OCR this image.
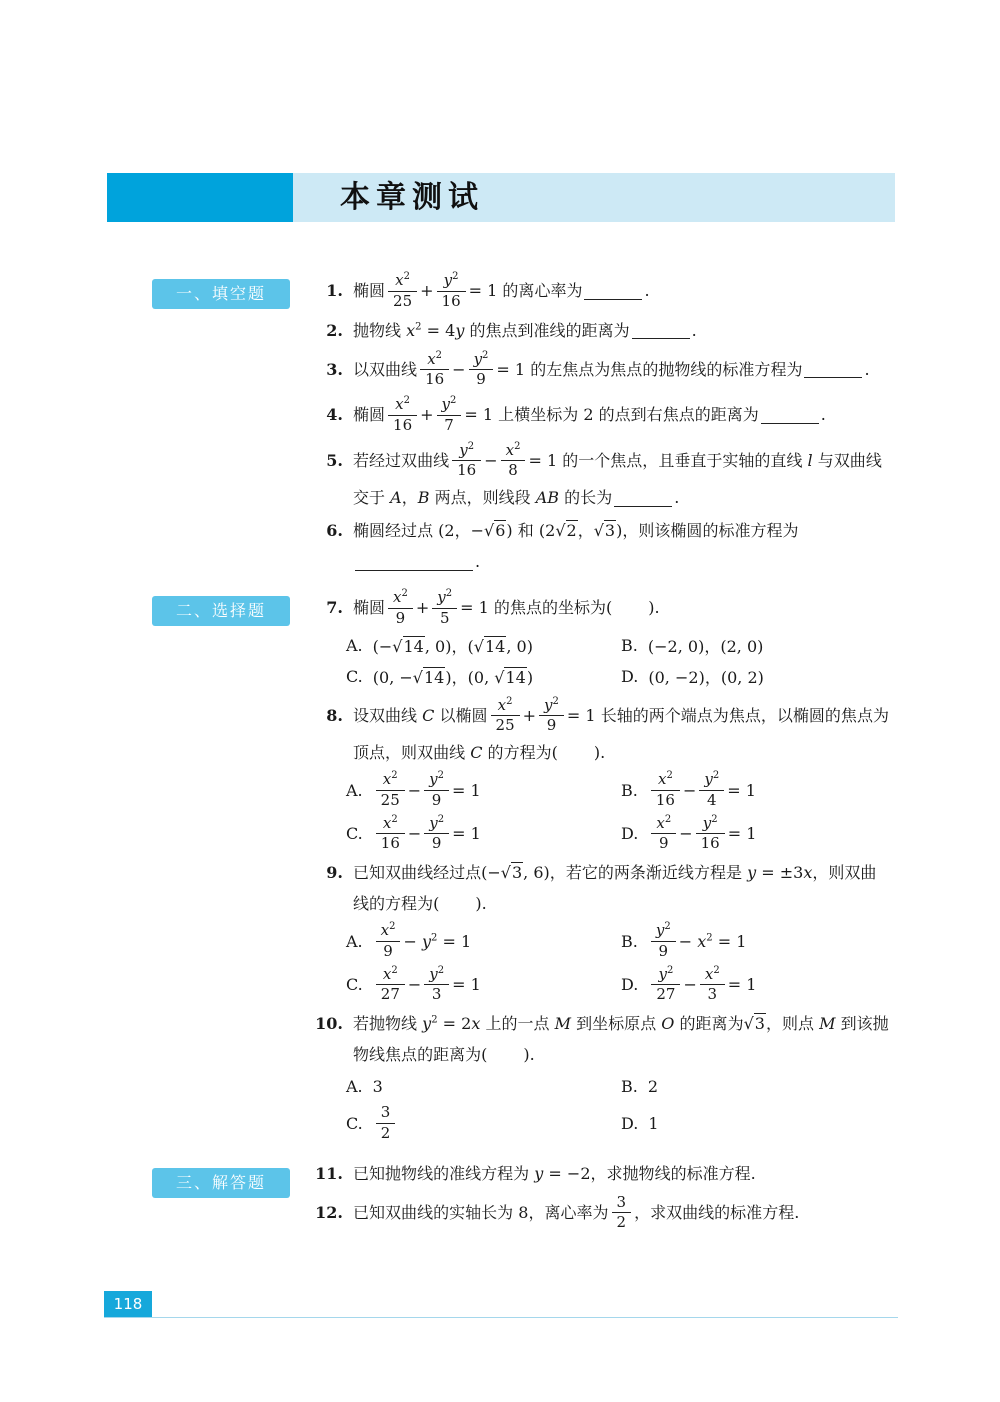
本章测试
一、填空题	1. 椭圆 $\frac{x^2}{25} + \frac{y^2}{16} = 1$ 的离心率为	.
2. 抛物线 $x^2 = 4y$ 的焦点到准线的距离为	.
3. 以双曲线 $\frac{x^2}{16} - \frac{y^2}{9} = 1$ 的左焦点为焦点的抛物线的标准方程为	.
4. 椭圆 $\frac{x^2}{16} + \frac{y^2}{7} = 1$ 上横坐标为 2 的点到右焦点的距离为	.
5. 若经过双曲线 $\frac{y^2}{16} - \frac{x^2}{8} = 1$ 的一个焦点，且垂直于实轴的直线 l 与双曲线
交于 A，B 两点，则线段 AB 的长为	.
6. 椭圆经过点 (2，−√6) 和 (2√2，√3)，则该椭圆的标准方程为
.
二、选择题	7. 椭圆 $\frac{x^2}{9} + \frac{y^2}{5} = 1$ 的焦点的坐标为( ).
A. (−√14, 0)，(√14, 0)	B. (−2, 0)，(2, 0)
C. (0, −√14)，(0, √14)	D. (0, −2)，(0, 2)
8. 设双曲线 C 以椭圆 $\frac{x^2}{25} + \frac{y^2}{9} = 1$ 长轴的两个端点为焦点，以椭圆的焦点为
顶点，则双曲线 C 的方程为( ).
A. $\frac{x^2}{25} - \frac{y^2}{9} = 1$	B. $\frac{x^2}{16} - \frac{y^2}{4} = 1$
C. $\frac{x^2}{16} - \frac{y^2}{9} = 1$	D. $\frac{x^2}{9} - \frac{y^2}{16} = 1$
9. 已知双曲线经过点(−√3, 6)，若它的两条渐近线方程是 y = ±3x，则双曲
线的方程为( ).
A. $\frac{x^2}{9} - y^2 = 1$	B. $\frac{y^2}{9} - x^2 = 1$
C. $\frac{x^2}{27} - \frac{y^2}{3} = 1$	D. $\frac{y^2}{27} - \frac{x^2}{3} = 1$
10. 若抛物线 $y^2 = 2x$ 上的一点 M 到坐标原点 O 的距离为√3，则点 M 到该抛
物线焦点的距离为( ).
A. 3	B. 2
C. $\frac{3}{2}$	D. 1
三、解答题	11. 已知抛物线的准线方程为 y = −2，求抛物线的标准方程.
12. 已知双曲线的实轴长为 8，离心率为 $\frac{3}{2}$ ，求双曲线的标准方程.
118
